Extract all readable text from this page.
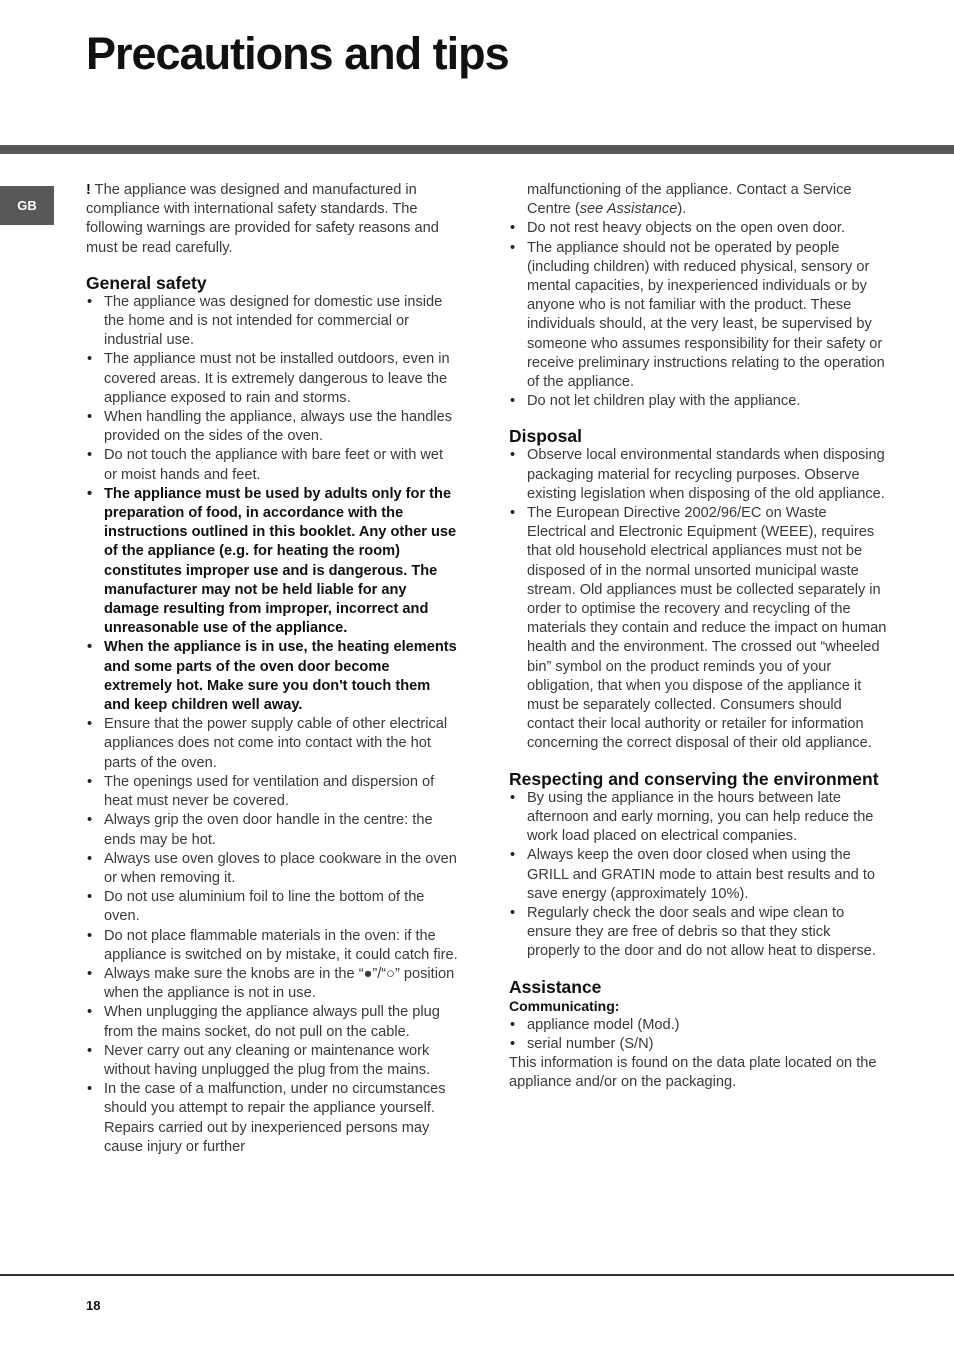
Precautions and tips
GB

! The appliance was designed and manufactured in compliance with international safety standards. The following warnings are provided for safety reasons and must be read carefully.

General safety
• The appliance was designed for domestic use inside the home and is not intended for commercial or industrial use.
• The appliance must not be installed outdoors, even in covered areas. It is extremely dangerous to leave the appliance exposed to rain and storms.
• When handling the appliance, always use the handles provided on the sides of the oven.
• Do not touch the appliance with bare feet or with wet or moist hands and feet.
• The appliance must be used by adults only for the preparation of food, in accordance with the instructions outlined in this booklet. Any other use of the appliance (e.g. for heating the room) constitutes improper use and is dangerous. The manufacturer may not be held liable for any damage resulting from improper, incorrect and unreasonable use of the appliance.
• When the appliance is in use, the heating elements and some parts of the oven door become extremely hot. Make sure you don't touch them and keep children well away.
• Ensure that the power supply cable of other electrical appliances does not come into contact with the hot parts of the oven.
• The openings used for ventilation and dispersion of heat must never be covered.
• Always grip the oven door handle in the centre: the ends may be hot.
• Always use oven gloves to place cookware in the oven or when removing it.
• Do not use aluminium foil to line the bottom of the oven.
• Do not place flammable materials in the oven: if the appliance is switched on by mistake, it could catch fire.
• Always make sure the knobs are in the “●”/“○” position when the appliance is not in use.
• When unplugging the appliance always pull the plug from the mains socket, do not pull on the cable.
• Never carry out any cleaning or maintenance work without having unplugged the plug from the mains.
• In the case of a malfunction, under no circumstances should you attempt to repair the appliance yourself. Repairs carried out by inexperienced persons may cause injury or further

malfunctioning of the appliance. Contact a Service Centre (see Assistance).

• Do not rest heavy objects on the open oven door.
• The appliance should not be operated by people (including children) with reduced physical, sensory or mental capacities, by inexperienced individuals or by anyone who is not familiar with the product. These individuals should, at the very least, be supervised by someone who assumes responsibility for their safety or receive preliminary instructions relating to the operation of the appliance.
• Do not let children play with the appliance.
Disposal
• Observe local environmental standards when disposing packaging material for recycling purposes. Observe existing legislation when disposing of the old appliance.
• The European Directive 2002/96/EC on Waste Electrical and Electronic Equipment (WEEE), requires that old household electrical appliances must not be disposed of in the normal unsorted municipal waste stream. Old appliances must be collected separately in order to optimise the recovery and recycling of the materials they contain and reduce the impact on human health and the environment. The crossed out “wheeled bin” symbol on the product reminds you of your obligation, that when you dispose of the appliance it must be separately collected. Consumers should contact their local authority or retailer for information concerning the correct disposal of their old appliance.
Respecting and conserving the environment
• By using the appliance in the hours between late afternoon and early morning, you can help reduce the work load placed on electrical companies.
• Always keep the oven door closed when using the GRILL and GRATIN mode to attain best results and to save energy (approximately 10%).
• Regularly check the door seals and wipe clean to ensure they are free of debris so that they stick properly to the door and do not allow heat to disperse.
Assistance

Communicating:

• appliance model (Mod.)
• serial number (S/N)

This information is found on the data plate located on the appliance and/or on the packaging.

18
